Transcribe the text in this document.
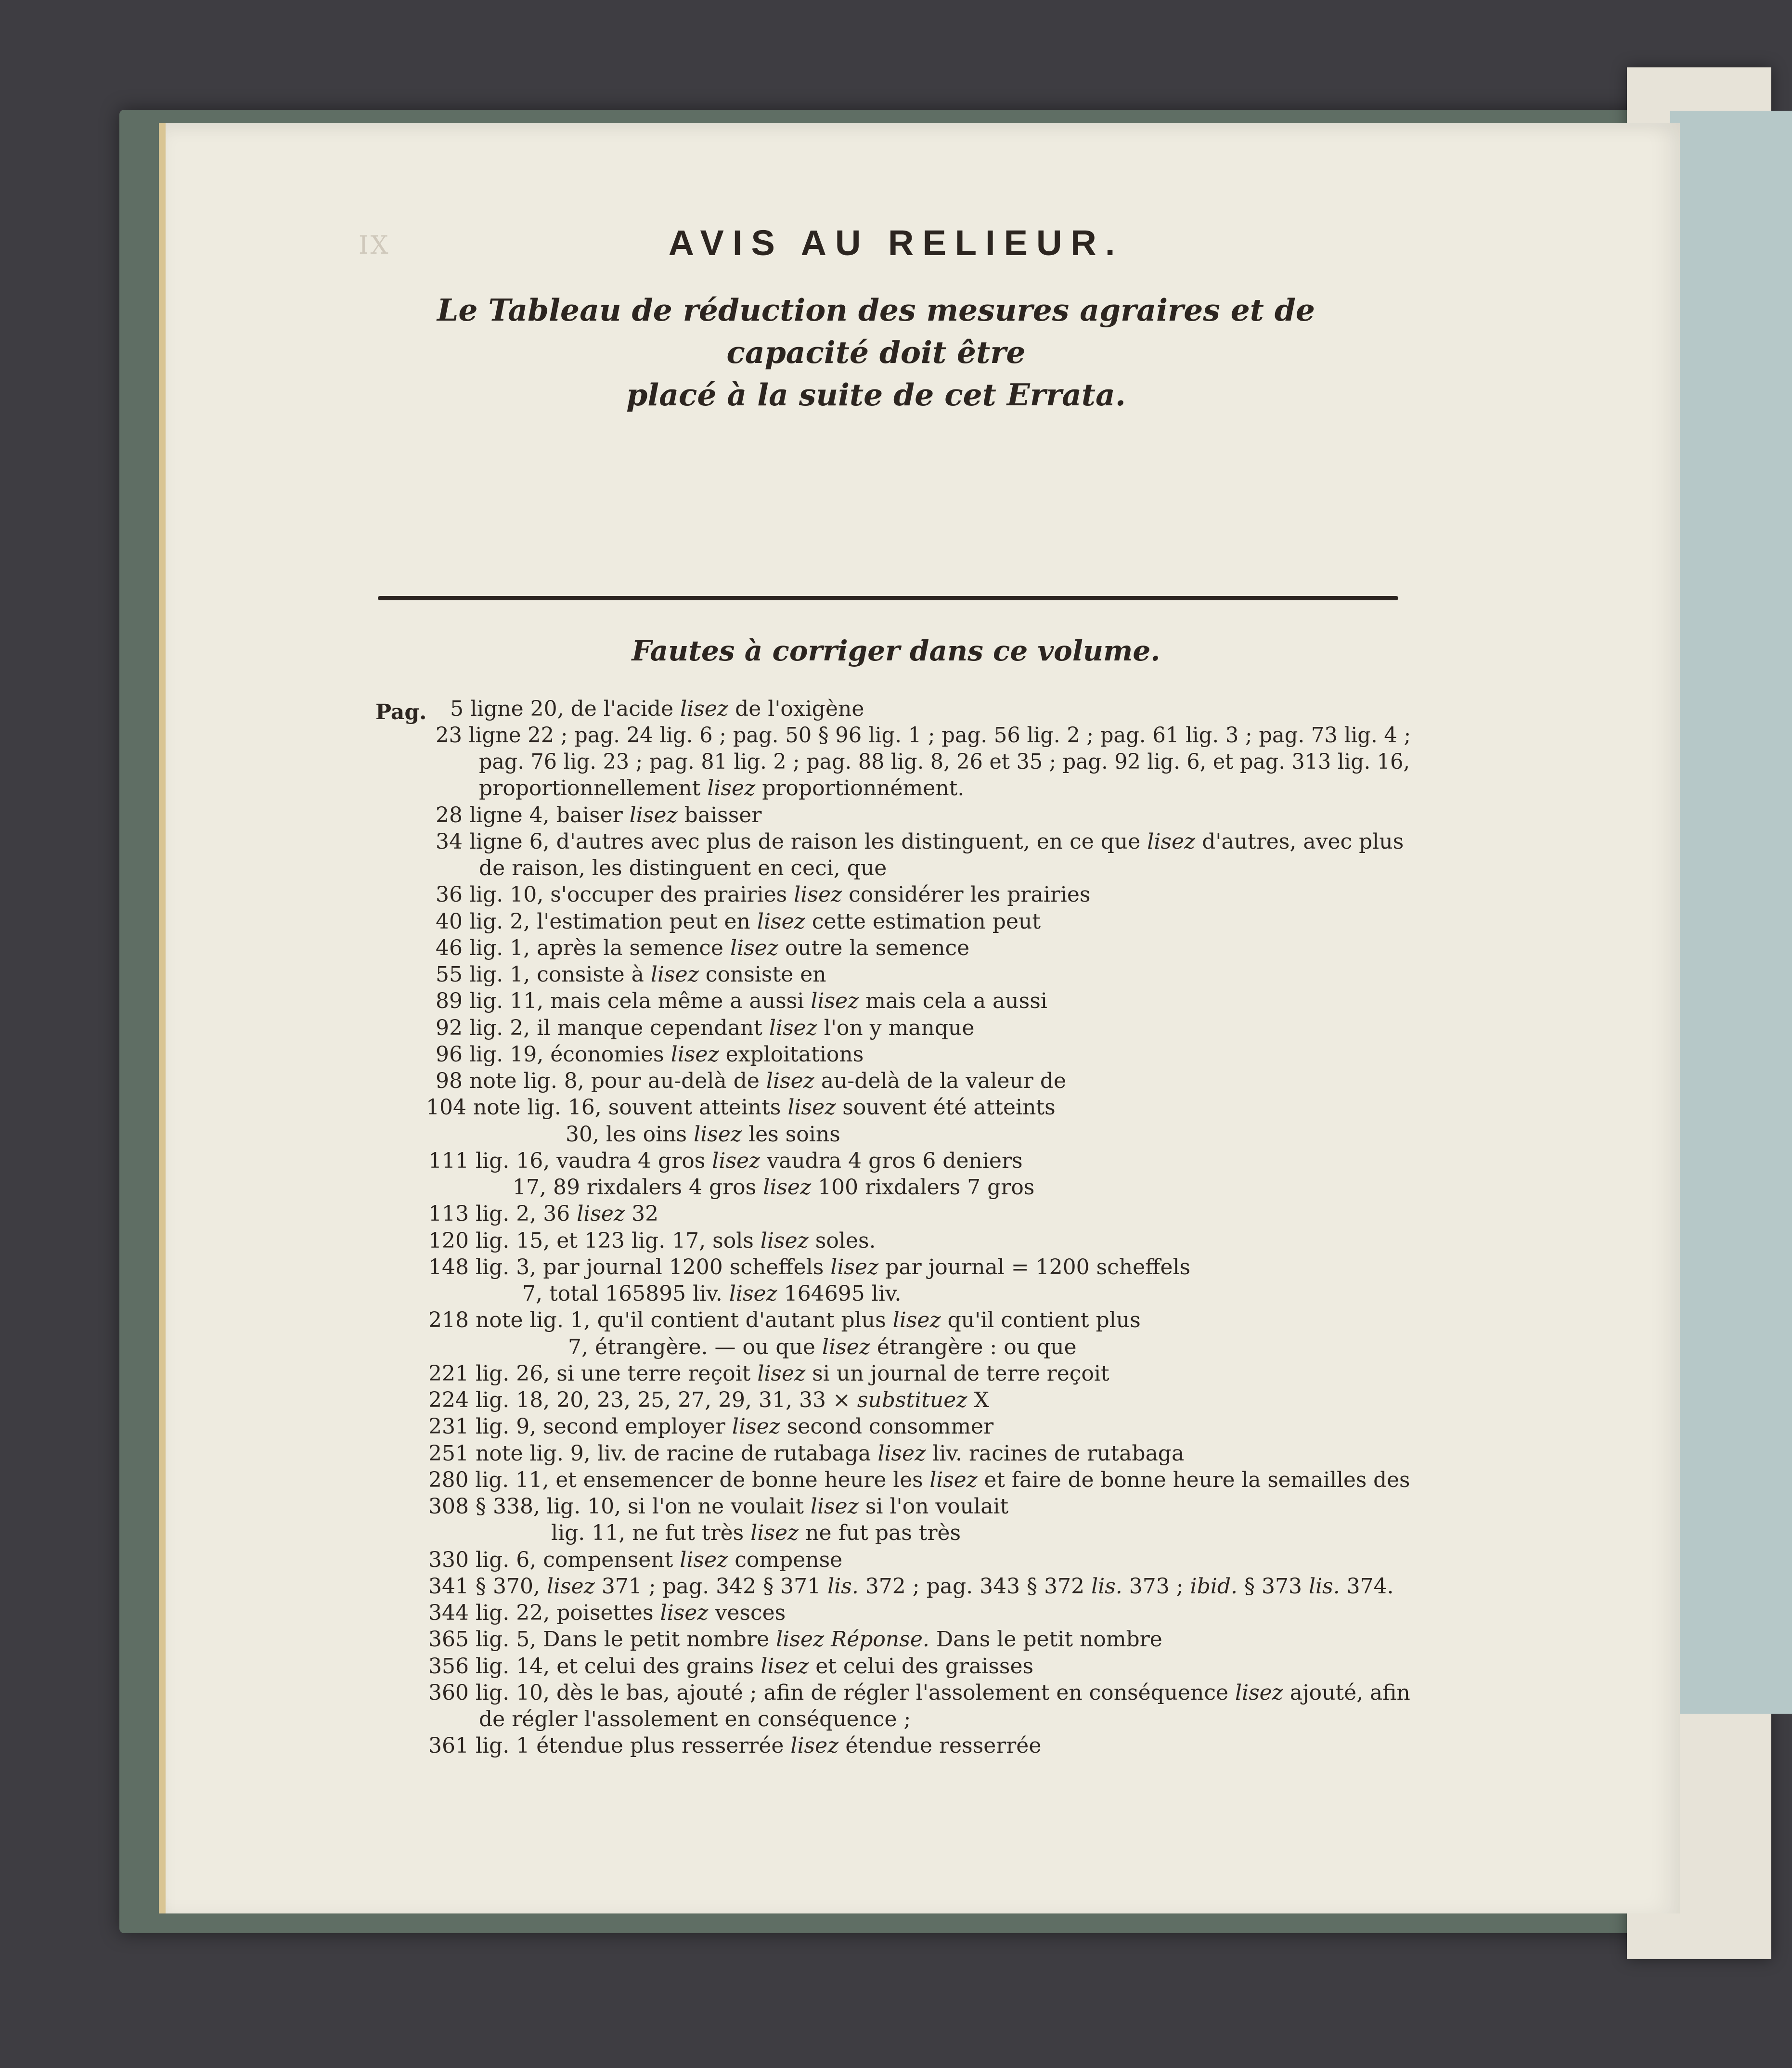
IX	AVIS AU RELIEUR.

Le Tableau de réduction des mesures agraires et de capacité doit être
placé à la suite de cet Errata.

Fautes à corriger dans ce volume.
Pag. 5 ligne 20, de l'acide lisez de l'oxigène
23 ligne 22 ; pag. 24 lig. 6 ; pag. 50 § 96 lig. 1 ; pag. 56 lig. 2 ; pag. 61 lig. 3 ; pag. 73 lig. 4 ;
pag. 76 lig. 23 ; pag. 81 lig. 2 ; pag. 88 lig. 8, 26 et 35 ; pag. 92 lig. 6, et pag. 313 lig. 16,
proportionnellement lisez proportionnément.
28 ligne 4, baiser lisez baisser
34 ligne 6, d'autres avec plus de raison les distinguent, en ce que lisez d'autres, avec plus
de raison, les distinguent en ceci, que
36 lig. 10, s'occuper des prairies lisez considérer les prairies
40 lig. 2, l'estimation peut en lisez cette estimation peut
46 lig. 1, après la semence lisez outre la semence
55 lig. 1, consiste à lisez consiste en
89 lig. 11, mais cela même a aussi lisez mais cela a aussi
92 lig. 2, il manque cependant lisez l'on y manque
96 lig. 19, économies lisez exploitations
98 note lig. 8, pour au-delà de lisez au-delà de la valeur de
104 note lig. 16, souvent atteints lisez souvent été atteints
30, les oins lisez les soins
111 lig. 16, vaudra 4 gros lisez vaudra 4 gros 6 deniers
17, 89 rixdalers 4 gros lisez 100 rixdalers 7 gros
113 lig. 2, 36 lisez 32
120 lig. 15, et 123 lig. 17, sols lisez soles.
148 lig. 3, par journal 1200 scheffels lisez par journal = 1200 scheffels
7, total 165895 liv. lisez 164695 liv.
218 note lig. 1, qu'il contient d'autant plus lisez qu'il contient plus
7, étrangère. — ou que lisez étrangère : ou que
221 lig. 26, si une terre reçoit lisez si un journal de terre reçoit
224 lig. 18, 20, 23, 25, 27, 29, 31, 33 × substituez X
231 lig. 9, second employer lisez second consommer
251 note lig. 9, liv. de racine de rutabaga lisez liv. racines de rutabaga
280 lig. 11, et ensemencer de bonne heure les lisez et faire de bonne heure la semailles des
308 § 338, lig. 10, si l'on ne voulait lisez si l'on voulait
lig. 11, ne fut très lisez ne fut pas très
330 lig. 6, compensent lisez compense
341 § 370, lisez 371 ; pag. 342 § 371 lis. 372 ; pag. 343 § 372 lis. 373 ; ibid. § 373 lis. 374.
344 lig. 22, poisettes lisez vesces
365 lig. 5, Dans le petit nombre lisez Réponse. Dans le petit nombre
356 lig. 14, et celui des grains lisez et celui des graisses
360 lig. 10, dès le bas, ajouté ; afin de régler l'assolement en conséquence lisez ajouté, afin
de régler l'assolement en conséquence ;
361 lig. 1 étendue plus resserrée lisez étendue resserrée
